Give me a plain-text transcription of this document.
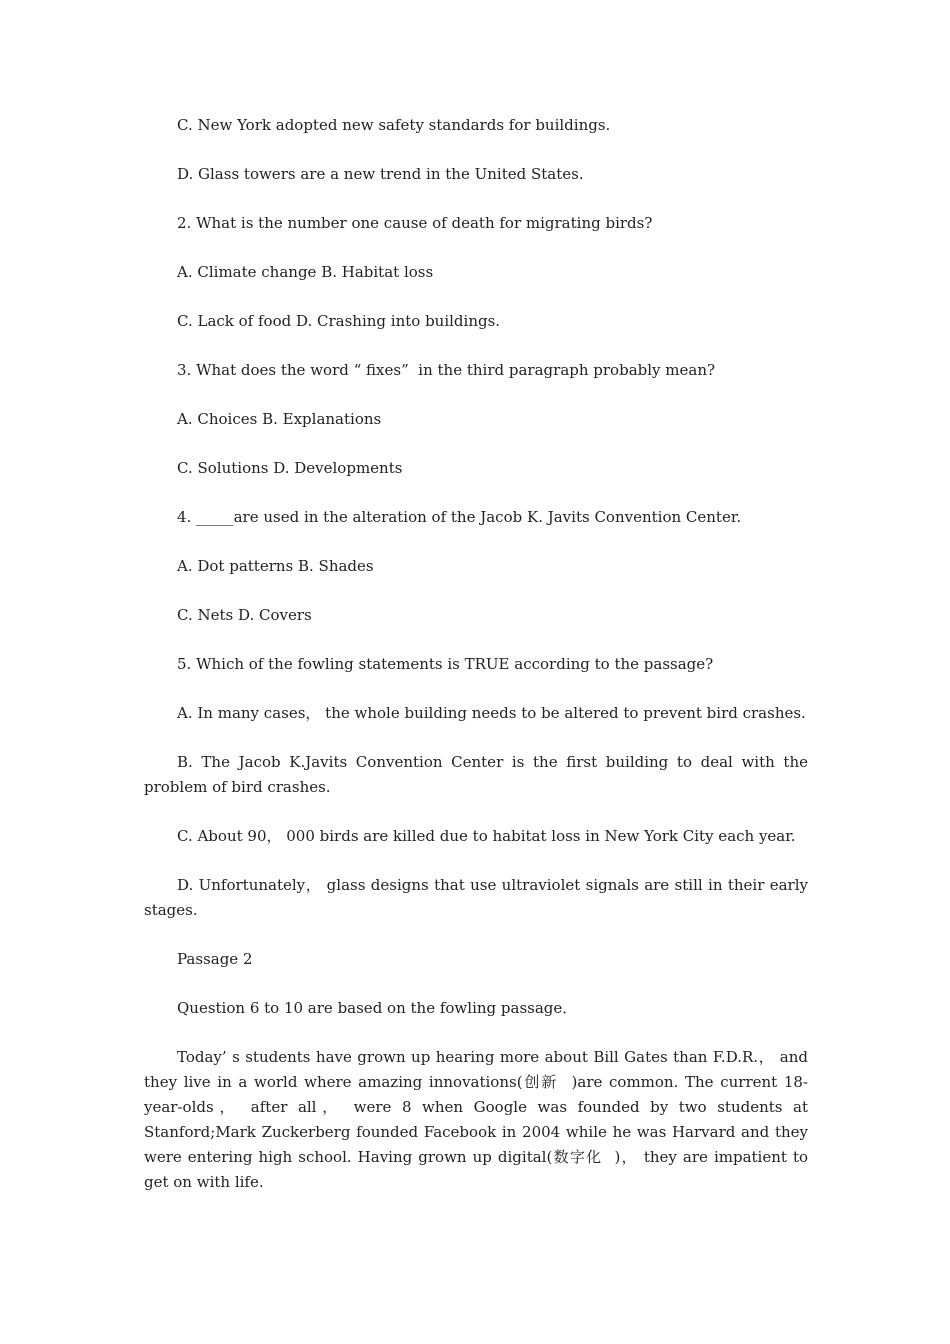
C. New York adopted new safety standards for buildings.

D. Glass towers are a new trend in the United States.

2. What is the number one cause of death for migrating birds?

A. Climate change B. Habitat loss

C. Lack of food D. Crashing into buildings.

3. What does the word “ fixes”  in the third paragraph probably mean?

A. Choices B. Explanations

C. Solutions D. Developments

4. _____are used in the alteration of the Jacob K. Javits Convention Center.

A. Dot patterns B. Shades

C. Nets D. Covers

5. Which of the fowling statements is TRUE according to the passage?

A. In many cases， the whole building needs to be altered to prevent bird crashes.

B. The Jacob K.Javits Convention Center is the first building to deal with the problem of bird crashes.

C. About 90， 000 birds are killed due to habitat loss in New York City each year.

D. Unfortunately， glass designs that use ultraviolet signals are still in their early stages.

Passage 2

Question 6 to 10 are based on the fowling passage．

Today’ s students have grown up hearing more about Bill Gates than F.D.R.， and they live in a world where amazing innovations(创新  )are common. The current 18-year-olds， after all， were 8 when Google was founded by two students at Stanford;Mark Zuckerberg founded Facebook in 2004 while he was Harvard and they were entering high school. Having grown up digital(数字化  )， they are impatient to get on with life.
